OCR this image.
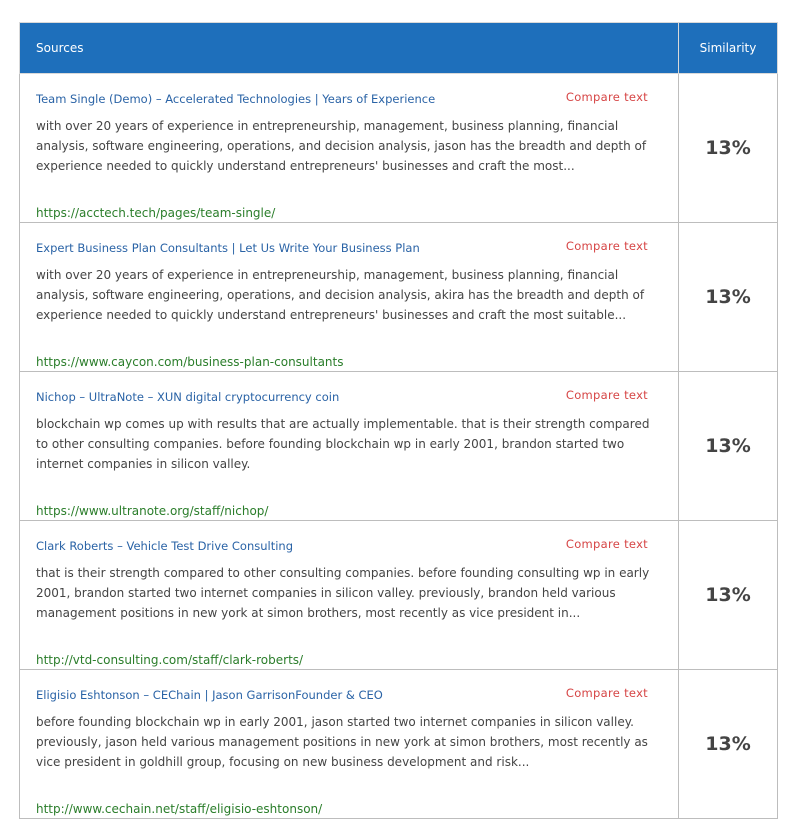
Sources	Similarity

Team Single (Demo) – Accelerated Technologies | Years of Experience Compare text
with over 20 years of experience in entrepreneurship, management, business planning, financial analysis, software engineering, operations, and decision analysis, jason has the breadth and depth of experience needed to quickly understand entrepreneurs' businesses and craft the most...
https://acctech.tech/pages/team-single/	13%

Expert Business Plan Consultants | Let Us Write Your Business Plan Compare text
with over 20 years of experience in entrepreneurship, management, business planning, financial analysis, software engineering, operations, and decision analysis, akira has the breadth and depth of experience needed to quickly understand entrepreneurs' businesses and craft the most suitable...
https://www.caycon.com/business-plan-consultants	13%

Nichop – UltraNote – XUN digital cryptocurrency coin Compare text
blockchain wp comes up with results that are actually implementable. that is their strength compared to other consulting companies. before founding blockchain wp in early 2001, brandon started two internet companies in silicon valley.
https://www.ultranote.org/staff/nichop/	13%

Clark Roberts – Vehicle Test Drive Consulting Compare text
that is their strength compared to other consulting companies. before founding consulting wp in early 2001, brandon started two internet companies in silicon valley. previously, brandon held various management positions in new york at simon brothers, most recently as vice president in...
http://vtd-consulting.com/staff/clark-roberts/	13%

Eligisio Eshtonson – CEChain | Jason GarrisonFounder & CEO Compare text
before founding blockchain wp in early 2001, jason started two internet companies in silicon valley. previously, jason held various management positions in new york at simon brothers, most recently as vice president in goldhill group, focusing on new business development and risk...
http://www.cechain.net/staff/eligisio-eshtonson/	13%
